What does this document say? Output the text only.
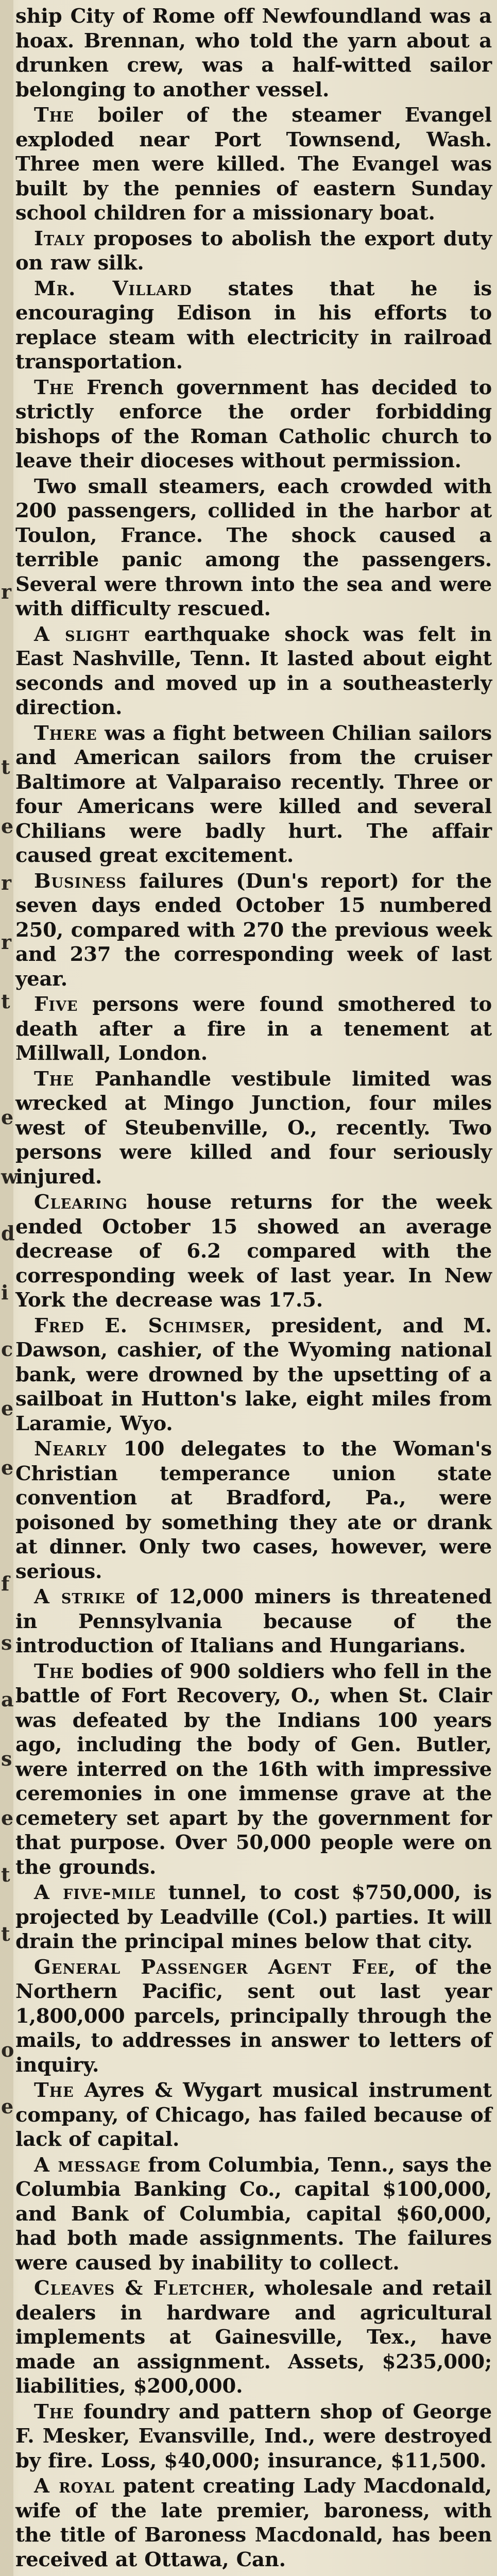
r
t
e
r
r
t
e
w
d
i
c
e
e
f
s
a
s
e
t
t
o
e

ship City of Rome off Newfoundland was a hoax. Brennan, who told the yarn about a drunken crew, was a half-witted sailor belonging to another vessel.

The boiler of the steamer Evangel exploded near Port Townsend, Wash. Three men were killed. The Evangel was built by the pennies of eastern Sunday school children for a missionary boat.

Italy proposes to abolish the export duty on raw silk.

Mr. Villard states that he is encouraging Edison in his efforts to replace steam with electricity in railroad transportation.

The French government has decided to strictly enforce the order forbidding bishops of the Roman Catholic church to leave their dioceses without permission.

Two small steamers, each crowded with 200 passengers, collided in the harbor at Toulon, France. The shock caused a terrible panic among the passengers. Several were thrown into the sea and were with difficulty rescued.

A slight earthquake shock was felt in East Nashville, Tenn. It lasted about eight seconds and moved up in a southeasterly direction.

There was a fight between Chilian sailors and American sailors from the cruiser Baltimore at Valparaiso recently. Three or four Americans were killed and several Chilians were badly hurt. The affair caused great excitement.

Business failures (Dun's report) for the seven days ended October 15 numbered 250, compared with 270 the previous week and 237 the corresponding week of last year.

Five persons were found smothered to death after a fire in a tenement at Millwall, London.

The Panhandle vestibule limited was wrecked at Mingo Junction, four miles west of Steubenville, O., recently. Two persons were killed and four seriously injured.

Clearing house returns for the week ended October 15 showed an average decrease of 6.2 compared with the corresponding week of last year. In New York the decrease was 17.5.

Fred E. Schimser, president, and M. Dawson, cashier, of the Wyoming national bank, were drowned by the upsetting of a sailboat in Hutton's lake, eight miles from Laramie, Wyo.

Nearly 100 delegates to the Woman's Christian temperance union state convention at Bradford, Pa., were poisoned by something they ate or drank at dinner. Only two cases, however, were serious.

A strike of 12,000 miners is threatened in Pennsylvania because of the introduction of Italians and Hungarians.

The bodies of 900 soldiers who fell in the battle of Fort Recovery, O., when St. Clair was defeated by the Indians 100 years ago, including the body of Gen. Butler, were interred on the 16th with impressive ceremonies in one immense grave at the cemetery set apart by the government for that purpose. Over 50,000 people were on the grounds.

A five-mile tunnel, to cost $750,000, is projected by Leadville (Col.) parties. It will drain the principal mines below that city.

General Passenger Agent Fee, of the Northern Pacific, sent out last year 1,800,000 parcels, principally through the mails, to addresses in answer to letters of inquiry.

The Ayres & Wygart musical instrument company, of Chicago, has failed because of lack of capital.

A message from Columbia, Tenn., says the Columbia Banking Co., capital $100,000, and Bank of Columbia, capital $60,000, had both made assignments. The failures were caused by inability to collect.

Cleaves & Fletcher, wholesale and retail dealers in hardware and agricultural implements at Gainesville, Tex., have made an assignment. Assets, $235,000; liabilities, $200,000.

The foundry and pattern shop of George F. Mesker, Evansville, Ind., were destroyed by fire. Loss, $40,000; insurance, $11,500.

A royal patent creating Lady Macdonald, wife of the late premier, baroness, with the title of Baroness Macdonald, has been received at Ottawa, Can.
